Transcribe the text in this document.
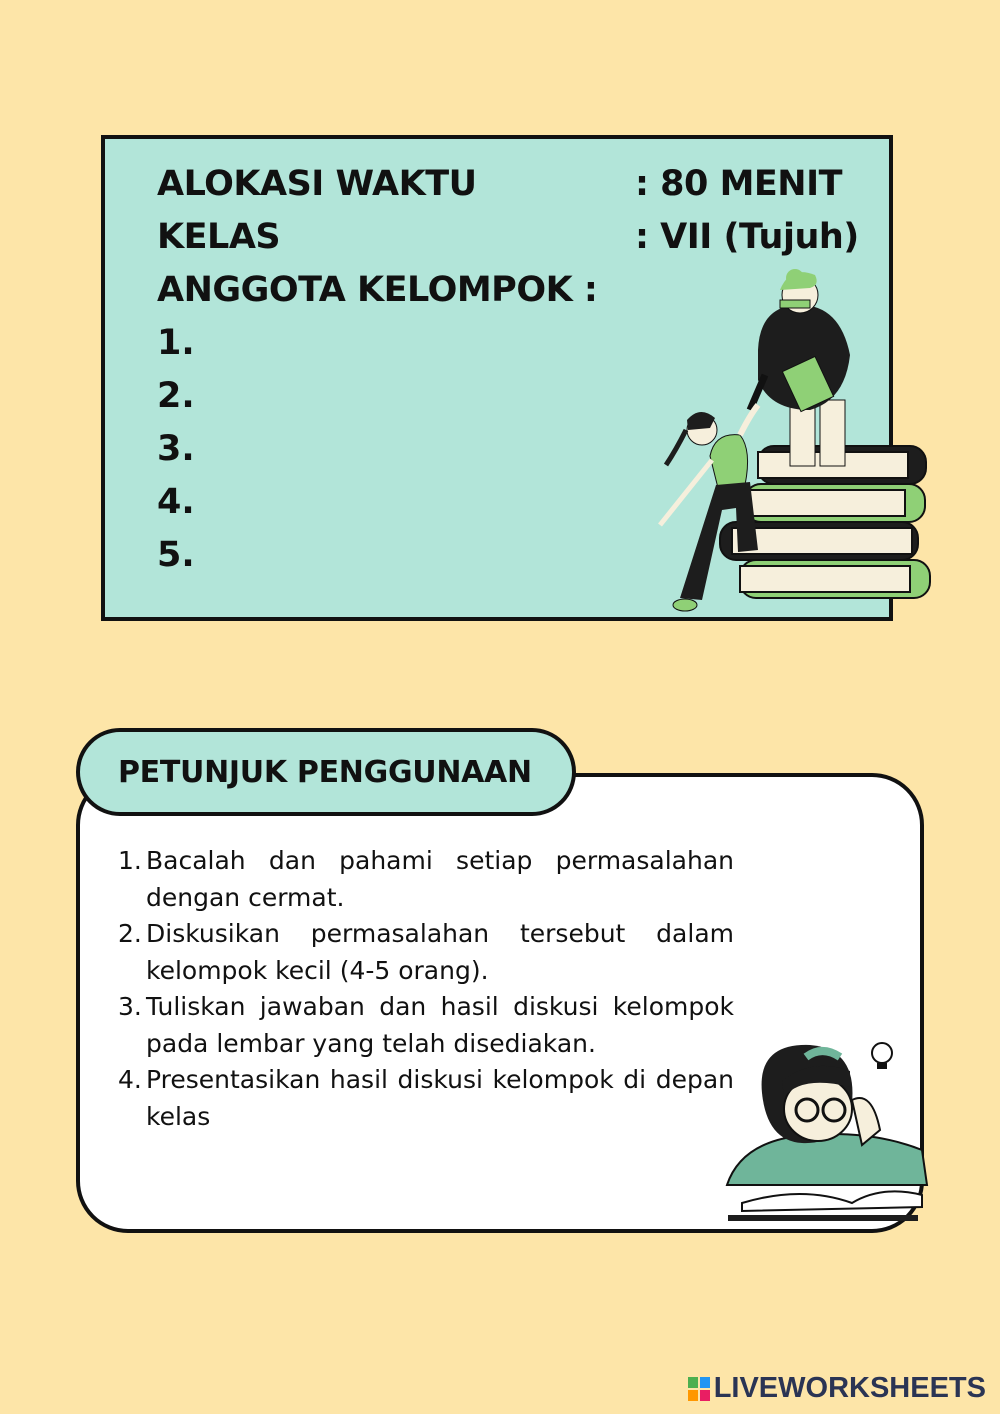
ALOKASI WAKTU	: 80 MENIT
KELAS	: VII (Tujuh)
ANGGOTA KELOMPOK :
1.
2.
3.
4.
5.
PETUNJUK PENGGUNAAN
1. Bacalah dan pahami setiap permasalahan dengan cermat.
2. Diskusikan permasalahan tersebut dalam kelompok kecil (4-5 orang).
3. Tuliskan jawaban dan hasil diskusi kelompok pada lembar yang telah disediakan.
4. Presentasikan hasil diskusi kelompok di depan kelas
LIVEWORKSHEETS
